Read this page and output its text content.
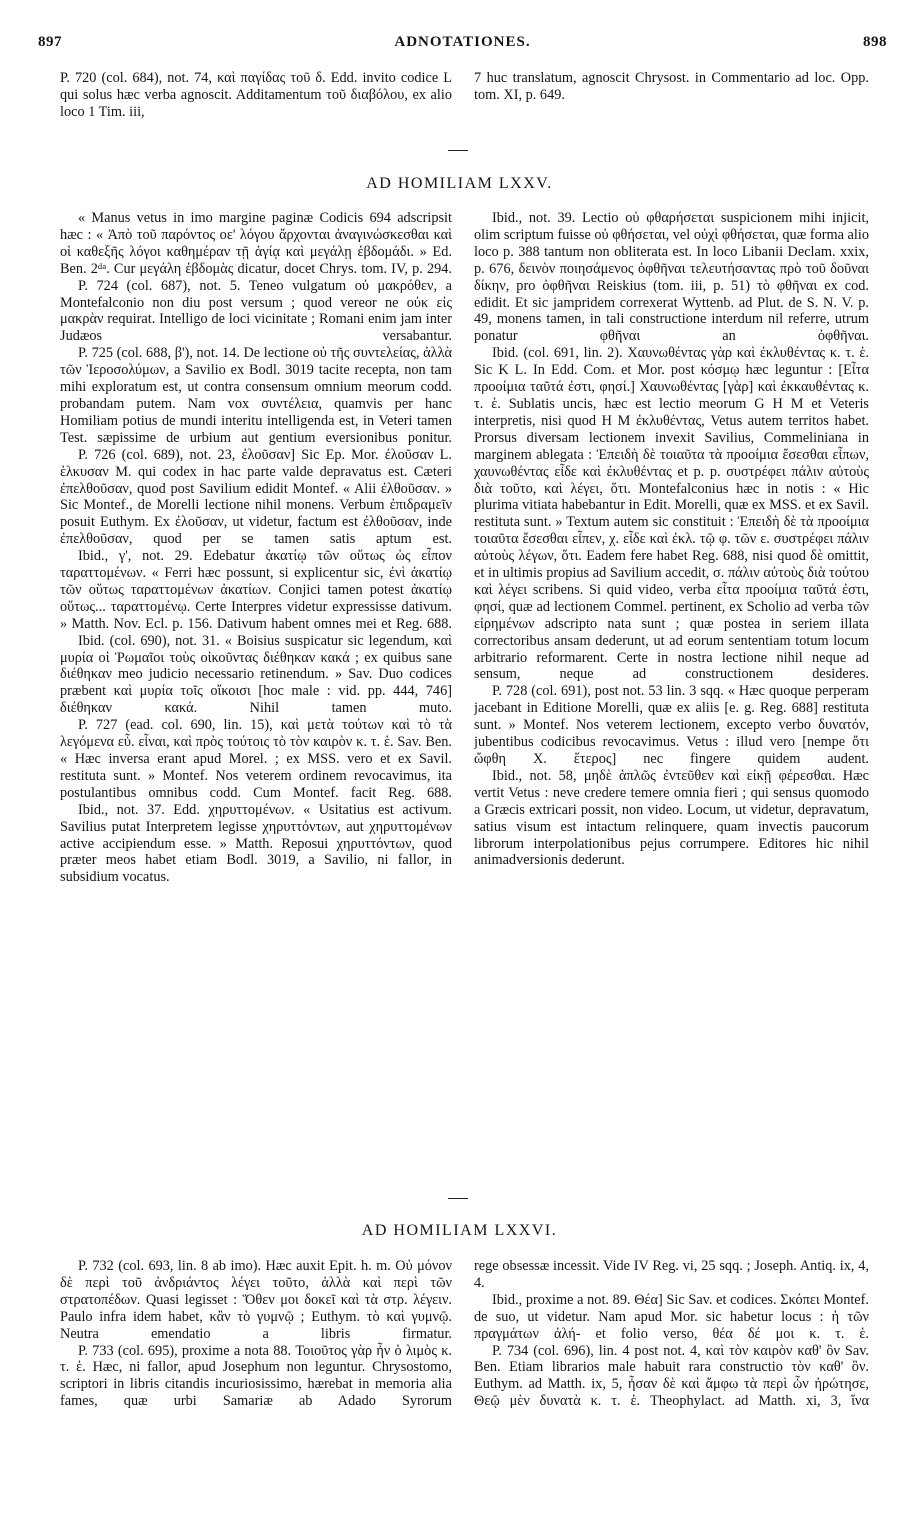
897	ADNOTATIONES.	898

P. 720 (col. 684), not. 74, καὶ παγίδας τοῦ δ. Edd. invito codice L qui solus hæc verba agnoscit. Additamentum τοῦ διαβόλου, ex alio loco 1 Tim. iii,

7 huc translatum, agnoscit Chrysost. in Commentario ad loc. Opp. tom. XI, p. 649.

AD HOMILIAM LXXV.

« Manus vetus in imo margine paginæ Codicis 694 adscripsit hæc : « Ἀπὸ τοῦ παρόντος οε' λόγου ἄρχονται ἀναγινώσκεσθαι καὶ οἱ καθεξῆς λόγοι καθημέραν τῇ ἁγίᾳ καὶ μεγάλῃ ἑβδομάδι. » Ed. Ben. 2ᵈᵃ. Cur μεγάλη ἑβδομὰς dicatur, docet Chrys. tom. IV, p. 294.

P. 724 (col. 687), not. 5. Teneo vulgatum οὐ μακρόθεν, a Montefalconio non diu post versum ; quod vereor ne οὐκ εἰς μακρὰν requirat. Intelligo de loci vicinitate ; Romani enim jam inter Judæos versabantur.

P. 725 (col. 688, β'), not. 14. De lectione οὐ τῆς συντελείας, ἀλλὰ τῶν Ἱεροσολύμων, a Savilio ex Bodl. 3019 tacite recepta, non tam mihi exploratum est, ut contra consensum omnium meorum codd. probandam putem. Nam vox συντέλεια, quamvis per hanc Homiliam potius de mundi interitu intelligenda est, in Veteri tamen Test. sæpissime de urbium aut gentium eversionibus ponitur.

P. 726 (col. 689), not. 23, ἐλοῦσαν] Sic Ep. Mor. ἐλοῦσαν L. ἑλκυσαν M. qui codex in hac parte valde depravatus est. Cæteri ἐπελθοῦσαν, quod post Savilium edidit Montef. « Alii ἐλθοῦσαν. » Sic Montef., de Morelli lectione nihil monens. Verbum ἐπιδραμεῖν posuit Euthym. Ex ἐλοῦσαν, ut videtur, factum est ἐλθοῦσαν, inde ἐπελθοῦσαν, quod per se tamen satis aptum est.

Ibid., γ', not. 29. Edebatur ἀκατίῳ τῶν οὕτως ὡς εἶπον ταραττομένων. « Ferri hæc possunt, si explicentur sic, ἐνὶ ἀκατίῳ τῶν οὕτως ταραττομένων ἀκατίων. Conjici tamen potest ἀκατίῳ οὕτως... ταραττομένῳ. Certe Interpres videtur expressisse dativum. » Matth. Nov. Ecl. p. 156. Dativum habent omnes mei et Reg. 688.

Ibid. (col. 690), not. 31. « Boisius suspicatur sic legendum, καὶ μυρία οἱ Ῥωμαῖοι τοὺς οἰκοῦντας διέθηκαν κακά ; ex quibus sane διέθηκαν meo judicio necessario retinendum. » Sav. Duo codices præbent καὶ μυρία τοῖς οἴκοισι [hoc male : vid. pp. 444, 746] διέθηκαν κακά. Nihil tamen muto.

P. 727 (ead. col. 690, lin. 15), καὶ μετὰ τούτων καὶ τὸ τὰ λεγόμενα εὖ. εἶναι, καὶ πρὸς τούτοις τὸ τὸν καιρὸν κ. τ. ἑ. Sav. Ben. « Hæc inversa erant apud Morel. ; ex MSS. vero et ex Savil. restituta sunt. » Montef. Nos veterem ordinem revocavimus, ita postulantibus omnibus codd. Cum Montef. facit Reg. 688.

Ibid., not. 37. Edd. χηρυττομένων. « Usitatius est activum. Savilius putat Interpretem legisse χηρυττόντων, aut χηρυττομένων active accipiendum esse. » Matth. Reposui χηρυττόντων, quod præter meos habet etiam Bodl. 3019, a Savilio, ni fallor, in subsidium vocatus.

Ibid., not. 39. Lectio οὐ φθαρήσεται suspicionem mihi injicit, olim scriptum fuisse οὐ φθήσεται, vel οὐχὶ φθήσεται, quæ forma alio loco p. 388 tantum non obliterata est. In loco Libanii Declam. xxix, p. 676, δεινὸν ποιησάμενος ὀφθῆναι τελευτήσαντας πρὸ τοῦ δοῦναι δίκην, pro ὀφθῆναι Reiskius (tom. iii, p. 51) τὸ φθῆναι ex cod. edidit. Et sic jampridem correxerat Wyttenb. ad Plut. de S. N. V. p. 49, monens tamen, in tali constructione interdum nil referre, utrum ponatur φθῆναι an ὀφθῆναι.

Ibid. (col. 691, lin. 2). Χαυνωθέντας γὰρ καὶ ἐκλυθέντας κ. τ. ἑ. Sic K L. In Edd. Com. et Mor. post κόσμῳ hæc leguntur : [Εἶτα προοίμια ταῦτά ἐστι, φησί.] Χαυνωθέντας [γὰρ] καὶ ἐκκαυθέντας κ. τ. ἑ. Sublatis uncis, hæc est lectio meorum G H M et Veteris interpretis, nisi quod H M ἐκλυθέντας, Vetus autem territos habet. Prorsus diversam lectionem invexit Savilius, Commeliniana in marginem ablegata : Ἐπειδὴ δὲ τοιαῦτα τὰ προοίμια ἔσεσθαι εἶπων, χαυνωθέντας εἶδε καὶ ἐκλυθέντας et p. p. συστρέφει πάλιν αὐτοὺς διὰ τοῦτο, καὶ λέγει, ὅτι. Montefalconius hæc in notis : « Hic plurima vitiata habebantur in Edit. Morelli, quæ ex MSS. et ex Savil. restituta sunt. » Textum autem sic constituit : Ἐπειδὴ δὲ τὰ προοίμια τοιαῦτα ἔσεσθαι εἶπεν, χ. εἶδε καὶ ἐκλ. τῷ φ. τῶν ε. συστρέφει πάλιν αὐτοὺς λέγων, ὅτι. Eadem fere habet Reg. 688, nisi quod δὲ omittit, et in ultimis propius ad Savilium accedit, σ. πάλιν αὐτοὺς διὰ τούτου καὶ λέγει scribens. Si quid video, verba εἶτα προοίμια ταῦτά ἐστι, φησί, quæ ad lectionem Commel. pertinent, ex Scholio ad verba τῶν εἰρημένων adscripto nata sunt ; quæ postea in seriem illata correctoribus ansam dederunt, ut ad eorum sententiam totum locum arbitrario reformarent. Certe in nostra lectione nihil neque ad sensum, neque ad constructionem desideres.

P. 728 (col. 691), post not. 53 lin. 3 sqq. « Hæc quoque perperam jacebant in Editione Morelli, quæ ex aliis [e. g. Reg. 688] restituta sunt. » Montef. Nos veterem lectionem, excepto verbo δυνατόν, jubentibus codicibus revocavimus. Vetus : illud vero [nempe ὅτι ὤφθη Χ. ἕτερος] nec fingere quidem audent.

Ibid., not. 58, μηδὲ ἁπλῶς ἐντεῦθεν καὶ εἰκῇ φέρεσθαι. Hæc vertit Vetus : neve credere temere omnia fieri ; qui sensus quomodo a Græcis extricari possit, non video. Locum, ut videtur, depravatum, satius visum est intactum relinquere, quam invectis paucorum librorum interpolationibus pejus corrumpere. Editores hic nihil animadversionis dederunt.

AD HOMILIAM LXXVI.

P. 732 (col. 693, lin. 8 ab imo). Hæc auxit Epit. h. m. Οὐ μόνον δὲ περὶ τοῦ ἀνδριάντος λέγει τοῦτο, ἀλλὰ καὶ περὶ τῶν στρατοπέδων. Quasi legisset : Ὅθεν μοι δοκεῖ καὶ τὰ στρ. λέγειν. Paulo infra idem habet, κἂν τὸ γυμνῷ ; Euthym. τὸ καὶ γυμνῷ. Neutra emendatio a libris firmatur.

P. 733 (col. 695), proxime a nota 88. Τοιοῦτος γὰρ ἦν ὁ λιμὸς κ. τ. ἑ. Hæc, ni fallor, apud Josephum non leguntur. Chrysostomo, scriptori in libris citandis incuriosissimo, hærebat in memoria alia fames, quæ urbi Samariæ ab Adado Syrorum

rege obsessæ incessit. Vide IV Reg. vi, 25 sqq. ; Joseph. Antiq. ix, 4, 4.

Ibid., proxime a not. 89. Θέα] Sic Sav. et codices. Σκόπει Montef. de suo, ut videtur. Nam apud Mor. sic habetur locus : ἡ τῶν πραγμάτων ἀλή- et folio verso, θέα δέ μοι κ. τ. ἑ.

P. 734 (col. 696), lin. 4 post not. 4, καὶ τὸν καιρὸν καθ' ὃν Sav. Ben. Etiam librarios male habuit rara constructio τὸν καθ' ὃν. Euthym. ad Matth. ix, 5, ἦσαν δὲ καὶ ἄμφω τὰ περὶ ὧν ἠρώτησε, Θεῷ μὲν δυνατὰ κ. τ. ἑ. Theophylact. ad Matth. xi, 3, ἵνα
